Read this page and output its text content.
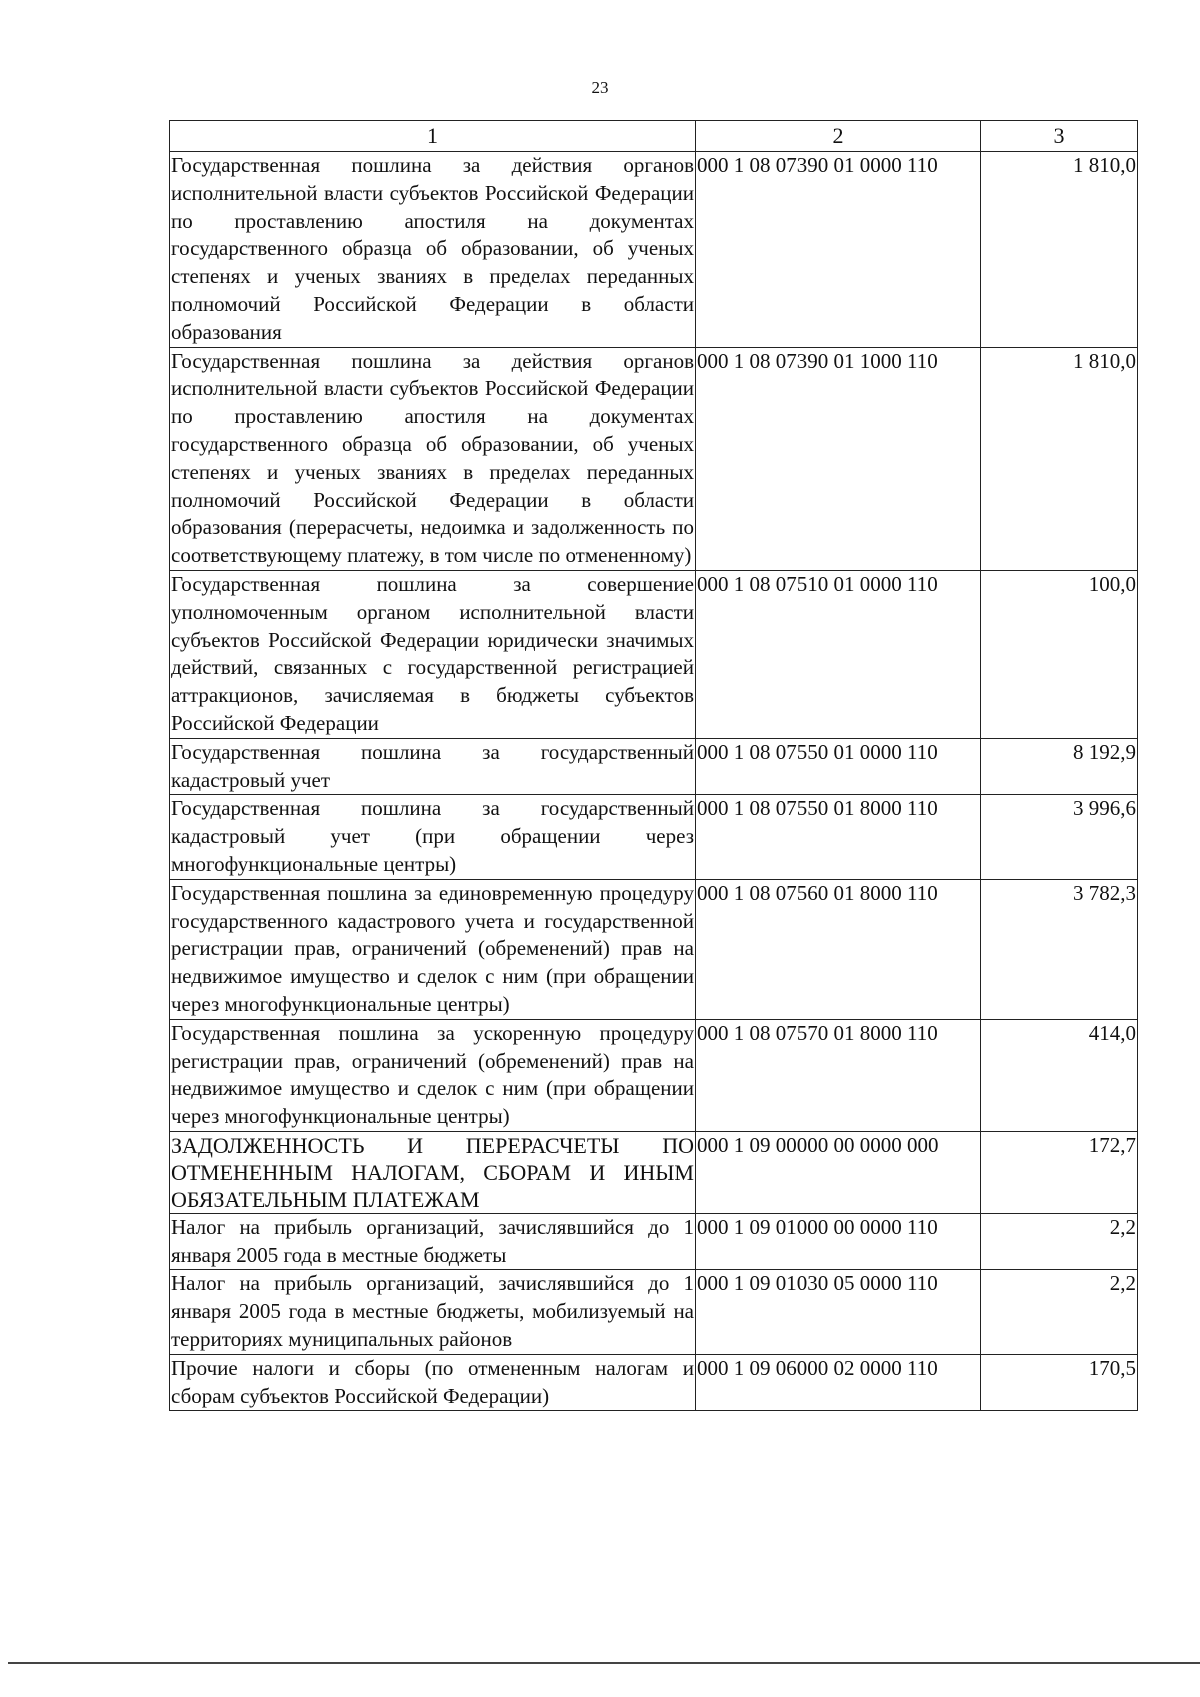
23
1	2	3
Государственная пошлина за действия органов исполнительной власти субъектов Российской Федерации по проставлению апостиля на документах государственного образца об образовании, об ученых степенях и ученых званиях в пределах переданных полномочий Российской Федерации в области образования	000 1 08 07390 01 0000 110	1 810,0
Государственная пошлина за действия органов исполнительной власти субъектов Российской Федерации по проставлению апостиля на документах государственного образца об образовании, об ученых степенях и ученых званиях в пределах переданных полномочий Российской Федерации в области образования (перерасчеты, недоимка и задолженность по соответствующему платежу, в том числе по отмененному)	000 1 08 07390 01 1000 110	1 810,0
Государственная пошлина за совершение уполномоченным органом исполнительной власти субъектов Российской Федерации юридически значимых действий, связанных с государственной регистрацией аттракционов, зачисляемая в бюджеты субъектов Российской Федерации	000 1 08 07510 01 0000 110	100,0
Государственная пошлина за государственный кадастровый учет	000 1 08 07550 01 0000 110	8 192,9
Государственная пошлина за государственный кадастровый учет (при обращении через многофункциональные центры)	000 1 08 07550 01 8000 110	3 996,6
Государственная пошлина за единовременную процедуру государственного кадастрового учета и государственной регистрации прав, ограничений (обременений) прав на недвижимое имущество и сделок с ним (при обращении через многофункциональные центры)	000 1 08 07560 01 8000 110	3 782,3
Государственная пошлина за ускоренную процедуру регистрации прав, ограничений (обременений) прав на недвижимое имущество и сделок с ним (при обращении через многофункциональные центры)	000 1 08 07570 01 8000 110	414,0
ЗАДОЛЖЕННОСТЬ И ПЕРЕРАСЧЕТЫ ПО ОТМЕНЕННЫМ НАЛОГАМ, СБОРАМ И ИНЫМ ОБЯЗАТЕЛЬНЫМ ПЛАТЕЖАМ	000 1 09 00000 00 0000 000	172,7
Налог на прибыль организаций, зачислявшийся до 1 января 2005 года в местные бюджеты	000 1 09 01000 00 0000 110	2,2
Налог на прибыль организаций, зачислявшийся до 1 января 2005 года в местные бюджеты, мобилизуемый на территориях муниципальных районов	000 1 09 01030 05 0000 110	2,2
Прочие налоги и сборы (по отмененным налогам и сборам субъектов Российской Федерации)	000 1 09 06000 02 0000 110	170,5
